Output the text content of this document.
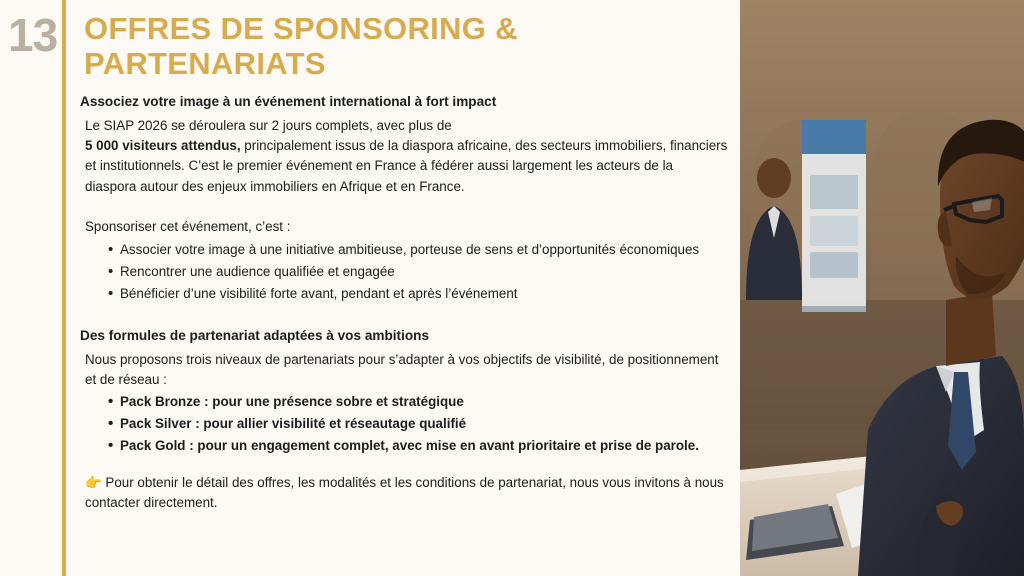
13 OFFRES DE SPONSORING & PARTENARIATS

Associez votre image à un événement international à fort impact

Le SIAP 2026 se déroulera sur 2 jours complets, avec plus de
5 000 visiteurs attendus, principalement issus de la diaspora africaine, des secteurs immobiliers, financiers et institutionnels. C’est le premier événement en France à fédérer aussi largement les acteurs de la diaspora autour des enjeux immobiliers en Afrique et en France.

Sponsoriser cet événement, c’est :

• Associer votre image à une initiative ambitieuse, porteuse de sens et d’opportunités économiques
• Rencontrer une audience qualifiée et engagée
• Bénéficier d’une visibilité forte avant, pendant et après l’événement

Des formules de partenariat adaptées à vos ambitions

Nous proposons trois niveaux de partenariats pour s’adapter à vos objectifs de visibilité, de positionnement et de réseau :

• Pack Bronze : pour une présence sobre et stratégique
• Pack Silver : pour allier visibilité et réseautage qualifié
• Pack Gold : pour un engagement complet, avec mise en avant prioritaire et prise de parole.

👉 Pour obtenir le détail des offres, les modalités et les conditions de partenariat, nous vous invitons à nous contacter directement.
